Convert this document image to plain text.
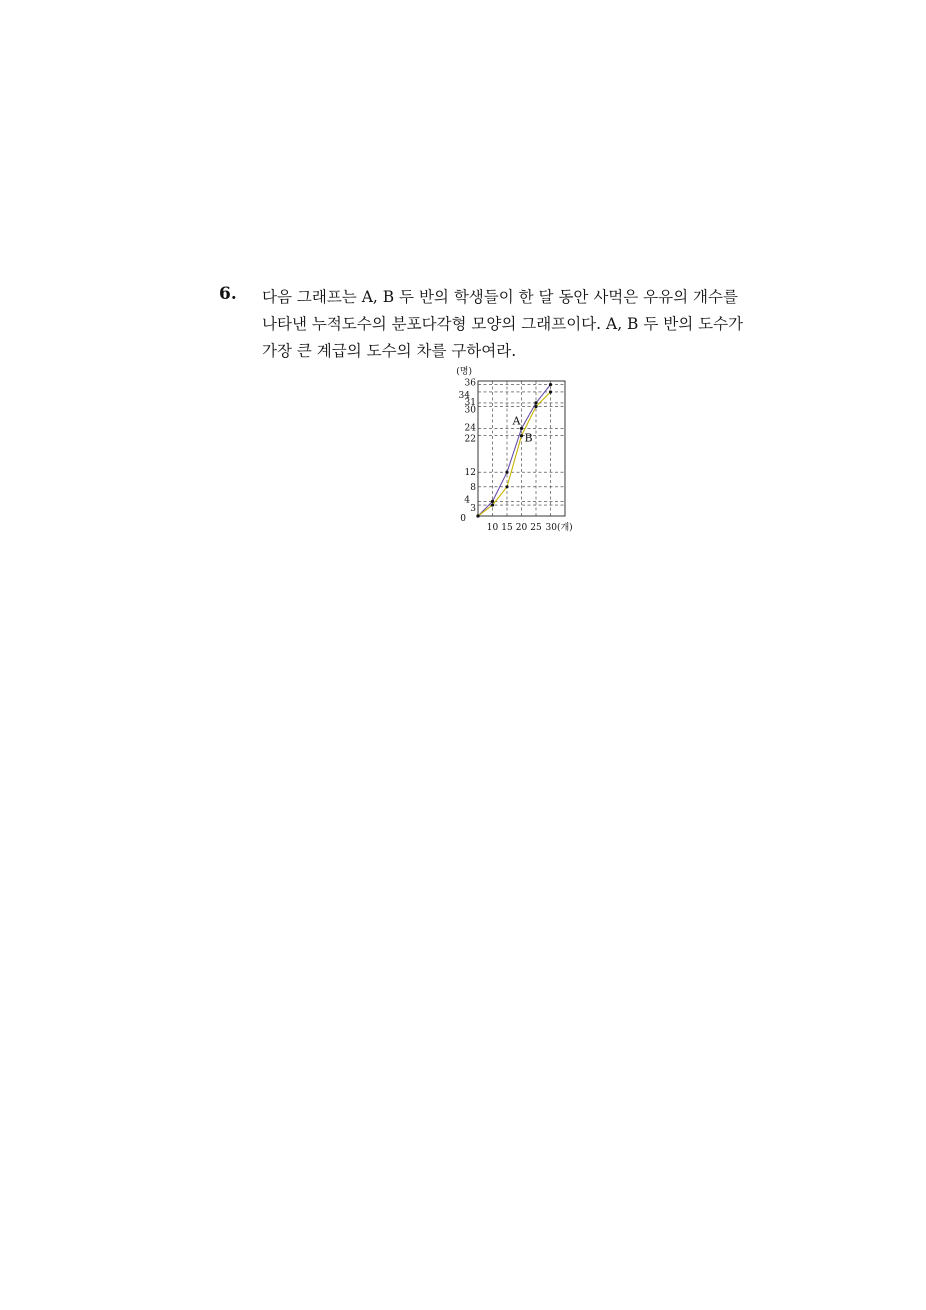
6. 다음 그래프는 A, B 두 반의 학생들이 한 달 동안 사먹은 우유의 개수를
나타낸 누적도수의 분포다각형 모양의 그래프이다. A, B 두 반의 도수가
가장 큰 계급의 도수의 차를 구하여라.
3
4
8
12
22
24
30
31
34
36
(명)
0
10 15 20 25 30(개)
A
B
